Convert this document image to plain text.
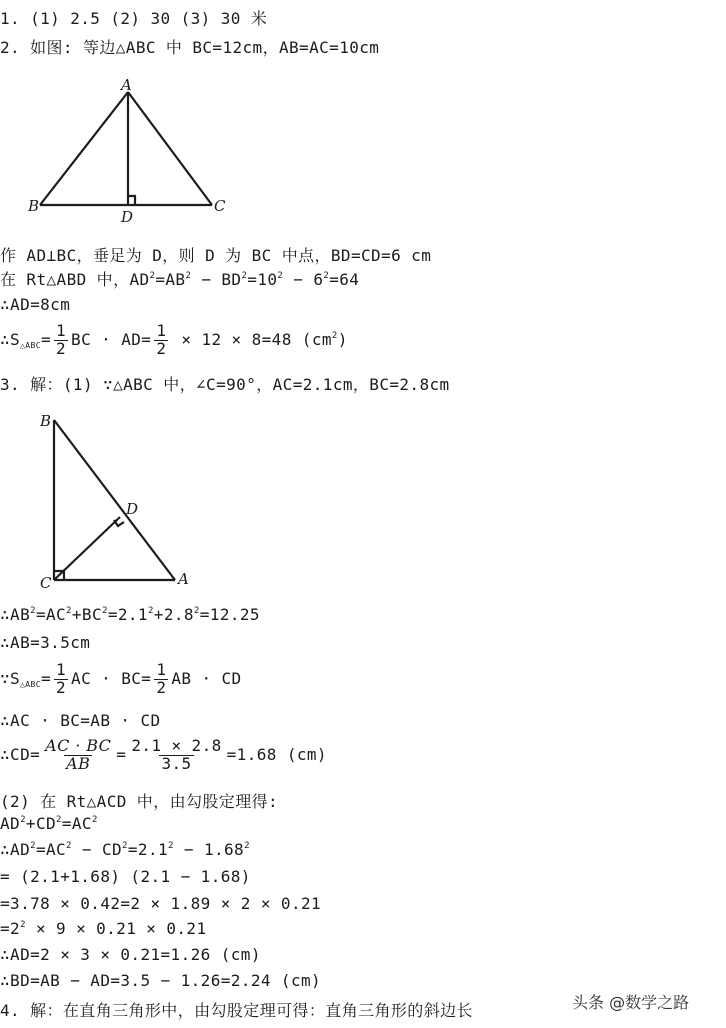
1. (1) 2.5 (2) 30 (3) 30 米
2. 如图: 等边△ABC 中 BC=12cm，AB=AC=10cm
A
B	C
D
B
C	A
D
作 AD⊥BC，垂足为 D，则 D 为 BC 中点，BD=CD=6 cm
在 Rt△ABD 中，$AD^2=AB^2 - BD^2=10^2 - 6^2=64$
∴AD=8cm
$\therefore S_{\triangle ABC}= \frac{1}{2}$ BC · $AD= \frac{1}{2} \times 12 \times 8=48$ $(cm^2)$
3. 解：(1) ∵△ABC 中，∠C=90°，AC=2.1cm，BC=2.8cm
$\therefore AB^2=AC^2+BC^2=2.1^2+2.8^2=12.25$
∴AB=3.5cm
$\because S_{\triangle ABC}= \frac{1}{2}$ AC · $BC= \frac{1}{2}$ AB · CD
∴AC · BC=AB · CD
∴CD= $\frac{AC \cdot BC}{AB} = \frac{2.1 \times 2.8}{3.5} =1.68$ (cm)
(2) 在 Rt△ACD 中，由勾股定理得:
$AD^2+CD^2=AC^2$
$\therefore AD^2=AC^2 - CD^2=2.1^2 - 1.68^2$
= (2.1+1.68) (2.1 − 1.68)
=3.78 × 0.42=2 × 1.89 × 2 × 0.21
$=2^2 \times 9 \times 0.21 \times 0.21$
∴AD=2 × 3 × 0.21=1.26 (cm)
∴BD=AB − AD=3.5 − 1.26=2.24 (cm)
4. 解：在直角三角形中，由勾股定理可得：直角三角形的斜边长	头条 @数学之路
